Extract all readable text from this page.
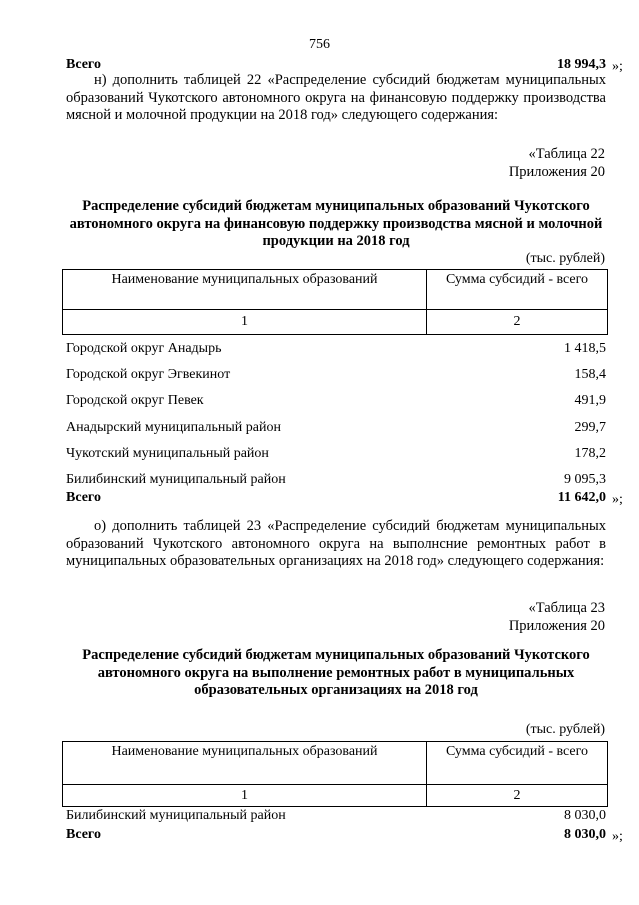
756
Всего	18 994,3 »;
н) дополнить таблицей 22 «Распределение субсидий бюджетам муниципальных образований Чукотского автономного округа на финансовую поддержку производства мясной и молочной продукции на 2018 год» следующего содержания:
«Таблица 22
Приложения 20
Распределение субсидий бюджетам муниципальных образований Чукотского автономного округа на финансовую поддержку производства мясной и молочной продукции на 2018 год
(тыс. рублей)
Наименование муниципальных образований	Сумма субсидий - всего
1	2
Городской округ Анадырь	1 418,5
Городской округ Эгвекинот	158,4
Городской округ Певек	491,9
Анадырский муниципальный район	299,7
Чукотский муниципальный район	178,2
Билибинский муниципальный район	9 095,3
Всего	11 642,0 »;
о) дополнить таблицей 23 «Распределение субсидий бюджетам муниципальных образований Чукотского автономного округа на выполнсние ремонтных работ в муниципальных образовательных организациях на 2018 год» следующего содержания:
«Таблица 23
Приложения 20
Распределение субсидий бюджетам муниципальных образований Чукотского автономного округа на выполнение ремонтных работ в муниципальных образовательных организациях на 2018 год
(тыс. рублей)
Наименование муниципальных образований	Сумма субсидий - всего
1	2
Билибинский муниципальный район	8 030,0
Всего	8 030,0 »;
